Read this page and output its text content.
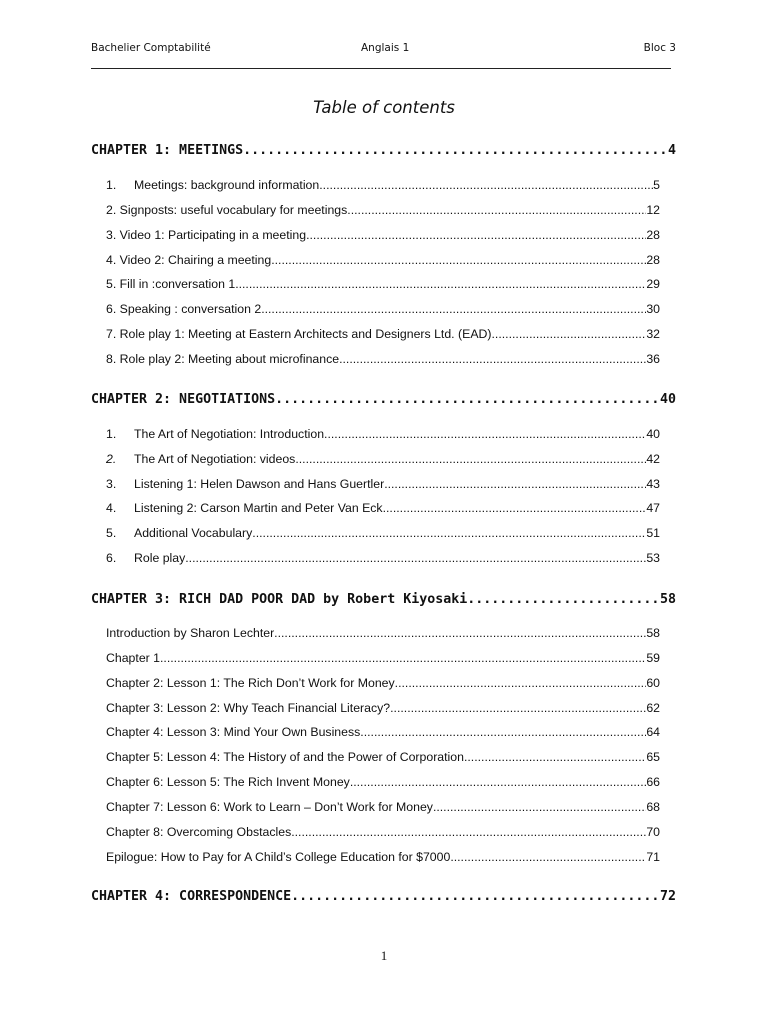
Bachelier Comptabilité	Anglais 1	Bloc 3
Table of contents
CHAPTER 1: MEETINGS .....	4
1. Meetings: background information .....	5
2. Signposts: useful vocabulary for meetings .....	12
3. Video 1: Participating in a meeting .....	28
4. Video 2: Chairing a meeting .....	28
5. Fill in :conversation 1 .....	29
6. Speaking : conversation 2 .....	30
7. Role play 1: Meeting at Eastern Architects and Designers Ltd. (EAD) .....	32
8. Role play 2: Meeting about microfinance .....	36
CHAPTER 2: NEGOTIATIONS .....	40
1. The Art of Negotiation: Introduction .....	40
2. The Art of Negotiation: videos .....	42
3. Listening 1: Helen Dawson and Hans Guertler .....	43
4. Listening 2: Carson Martin and Peter Van Eck .....	47
5. Additional Vocabulary .....	51
6. Role play .....	53
CHAPTER 3: RICH DAD POOR DAD by Robert Kiyosaki .....	58
Introduction by Sharon Lechter .....	58
Chapter 1 .....	59
Chapter 2: Lesson 1: The Rich Don’t Work for Money .....	60
Chapter 3: Lesson 2: Why Teach Financial Literacy? .....	62
Chapter 4: Lesson 3: Mind Your Own Business .....	64
Chapter 5: Lesson 4: The History of and the Power of Corporation .....	65
Chapter 6: Lesson 5: The Rich Invent Money .....	66
Chapter 7: Lesson 6: Work to Learn – Don’t Work for Money .....	68
Chapter 8: Overcoming Obstacles .....	70
Epilogue: How to Pay for A Child’s College Education for $7000 .....	71
CHAPTER 4: CORRESPONDENCE .....	72
1
